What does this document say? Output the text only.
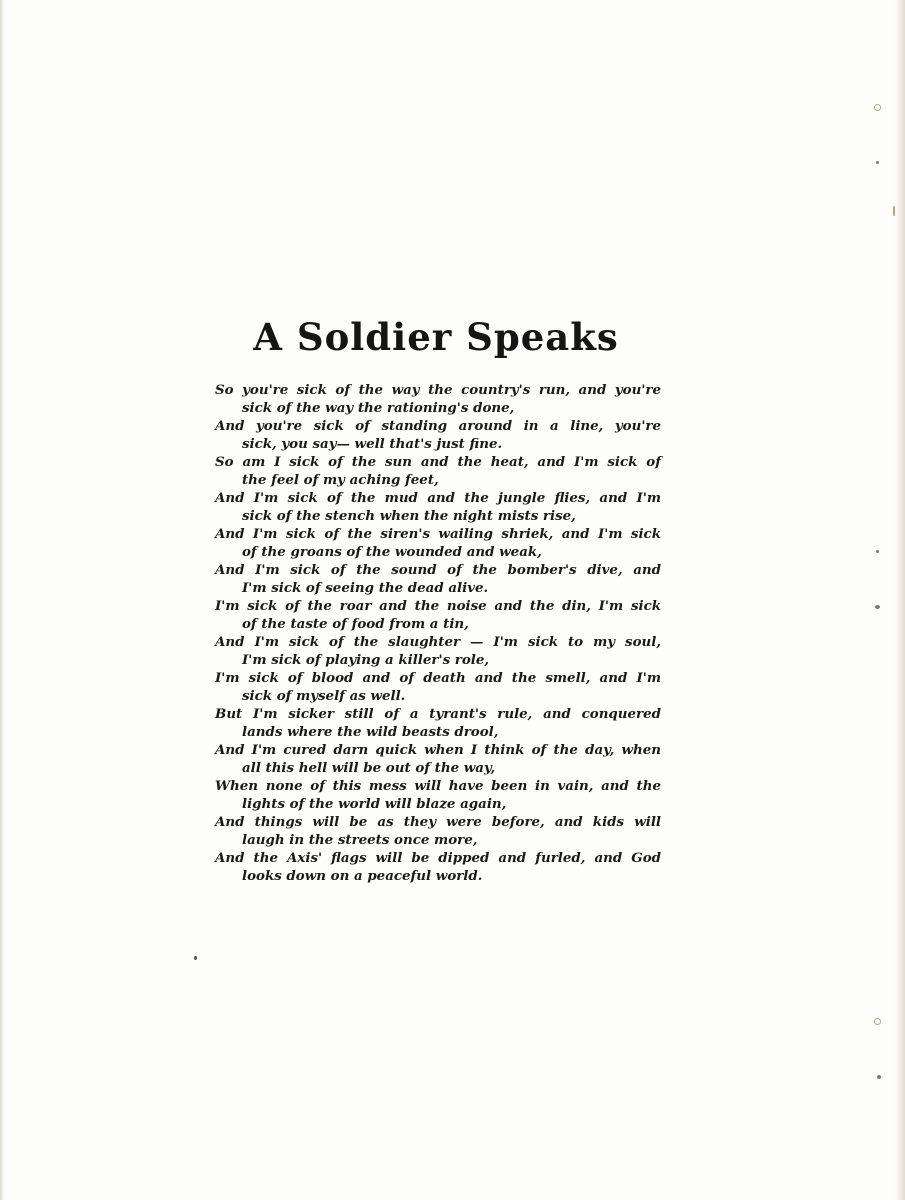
A Soldier Speaks
So you're sick of the way the country's run, and you're
sick of the way the rationing's done,
And you're sick of standing around in a line, you're
sick, you say— well that's just fine.
So am I sick of the sun and the heat, and I'm sick of
the feel of my aching feet,
And I'm sick of the mud and the jungle flies, and I'm
sick of the stench when the night mists rise,
And I'm sick of the siren's wailing shriek, and I'm sick
of the groans of the wounded and weak,
And I'm sick of the sound of the bomber's dive, and
I'm sick of seeing the dead alive.
I'm sick of the roar and the noise and the din, I'm sick
of the taste of food from a tin,
And I'm sick of the slaughter — I'm sick to my soul,
I'm sick of playing a killer's role,
I'm sick of blood and of death and the smell, and I'm
sick of myself as well.
But I'm sicker still of a tyrant's rule, and conquered
lands where the wild beasts drool,
And I'm cured darn quick when I think of the day, when
all this hell will be out of the way,
When none of this mess will have been in vain, and the
lights of the world will blaze again,
And things will be as they were before, and kids will
laugh in the streets once more,
And the Axis' flags will be dipped and furled, and God
looks down on a peaceful world.
